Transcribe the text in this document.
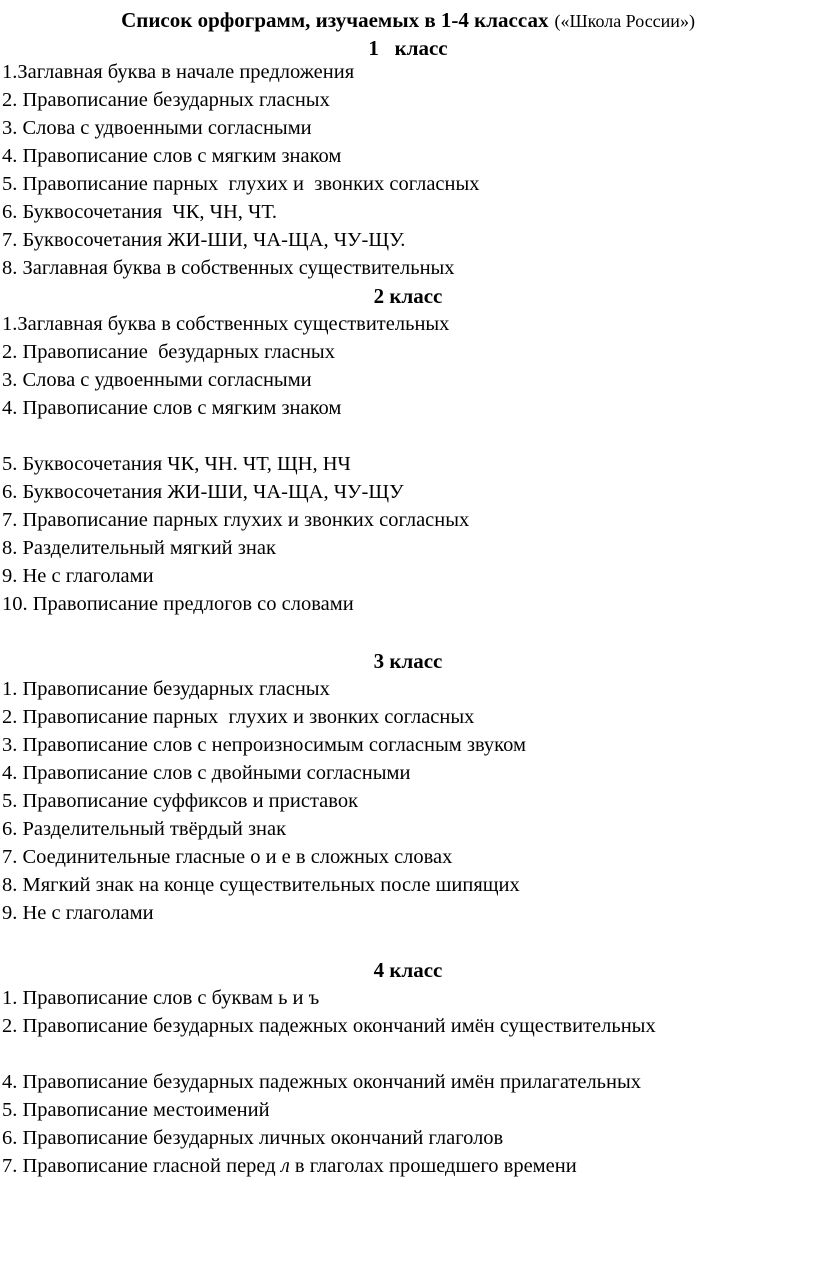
Список орфограмм, изучаемых в 1-4 классах («Школа России»)
1   класс
1.Заглавная буква в начале предложения
2. Правописание безударных гласных
3. Слова с удвоенными согласными
4. Правописание слов с мягким знаком
5. Правописание парных  глухих и  звонких согласных
6. Буквосочетания  ЧК, ЧН, ЧТ.
7. Буквосочетания ЖИ-ШИ, ЧА-ЩА, ЧУ-ЩУ.
8. Заглавная буква в собственных существительных
2 класс
1.Заглавная буква в собственных существительных
2. Правописание  безударных гласных
3. Слова с удвоенными согласными
4. Правописание слов с мягким знаком
5. Буквосочетания ЧК, ЧН. ЧТ, ЩН, НЧ
6. Буквосочетания ЖИ-ШИ, ЧА-ЩА, ЧУ-ЩУ
7. Правописание парных глухих и звонких согласных
8. Разделительный мягкий знак
9. Не с глаголами
10. Правописание предлогов со словами
3 класс
1. Правописание безударных гласных
2. Правописание парных  глухих и звонких согласных
3. Правописание слов с непроизносимым согласным звуком
4. Правописание слов с двойными согласными
5. Правописание суффиксов и приставок
6. Разделительный твёрдый знак
7. Соединительные гласные о и е в сложных словах
8. Мягкий знак на конце существительных после шипящих
9. Не с глаголами
4 класс
1. Правописание слов с буквам ь и ъ
2. Правописание безударных падежных окончаний имён существительных
4. Правописание безударных падежных окончаний имён прилагательных
5. Правописание местоимений
6. Правописание безударных личных окончаний глаголов
7. Правописание гласной перед л в глаголах прошедшего времени
